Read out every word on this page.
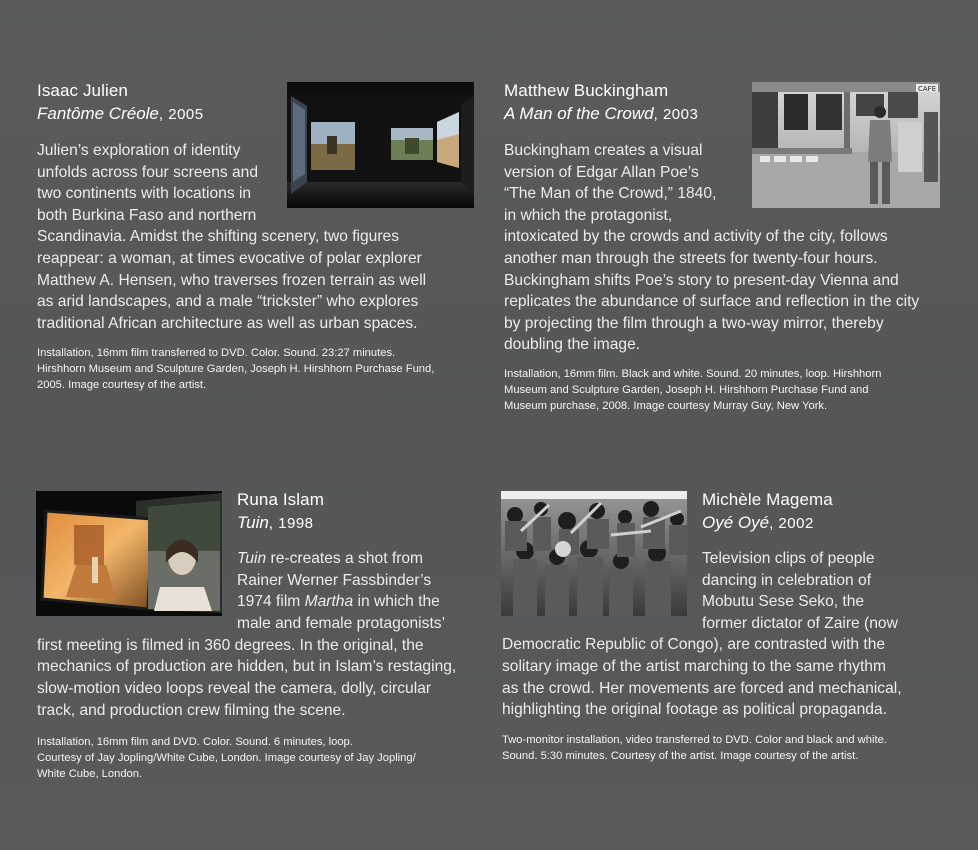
Isaac Julien
Fantôme Créole, 2005

Julien’s exploration of identity

unfolds across four screens and

two continents with locations in

both Burkina Faso and northern

Scandinavia. Amidst the shifting scenery, two figures

reappear: a woman, at times evocative of polar explorer

Matthew A. Hensen, who traverses frozen terrain as well

as arid landscapes, and a male “trickster” who explores

traditional African architecture as well as urban spaces.

Installation, 16mm film transferred to DVD. Color. Sound. 23:27 minutes.

Hirshhorn Museum and Sculpture Garden, Joseph H. Hirshhorn Purchase Fund,

2005. Image courtesy of the artist.

Matthew Buckingham
A Man of the Crowd, 2003
CAFE

Buckingham creates a visual

version of Edgar Allan Poe’s

“The Man of the Crowd,” 1840,

in which the protagonist,

intoxicated by the crowds and activity of the city, follows

another man through the streets for twenty-four hours.

Buckingham shifts Poe’s story to present-day Vienna and

replicates the abundance of surface and reflection in the city

by projecting the film through a two-way mirror, thereby

doubling the image.

Installation, 16mm film. Black and white. Sound. 20 minutes, loop. Hirshhorn

Museum and Sculpture Garden, Joseph H. Hirshhorn Purchase Fund and

Museum purchase, 2008. Image courtesy Murray Guy, New York.

Runa Islam
Tuin, 1998

Tuin re-creates a shot from

Rainer Werner Fassbinder’s

1974 film Martha in which the

male and female protagonists’

first meeting is filmed in 360 degrees. In the original, the

mechanics of production are hidden, but in Islam’s restaging,

slow-motion video loops reveal the camera, dolly, circular

track, and production crew filming the scene.

Installation, 16mm film and DVD. Color. Sound. 6 minutes, loop.

Courtesy of Jay Jopling/White Cube, London. Image courtesy of Jay Jopling/

White Cube, London.

Michèle Magema
Oyé Oyé, 2002

Television clips of people

dancing in celebration of

Mobutu Sese Seko, the

former dictator of Zaire (now

Democratic Republic of Congo), are contrasted with the

solitary image of the artist marching to the same rhythm

as the crowd. Her movements are forced and mechanical,

highlighting the original footage as political propaganda.

Two-monitor installation, video transferred to DVD. Color and black and white.

Sound. 5:30 minutes. Courtesy of the artist. Image courtesy of the artist.
